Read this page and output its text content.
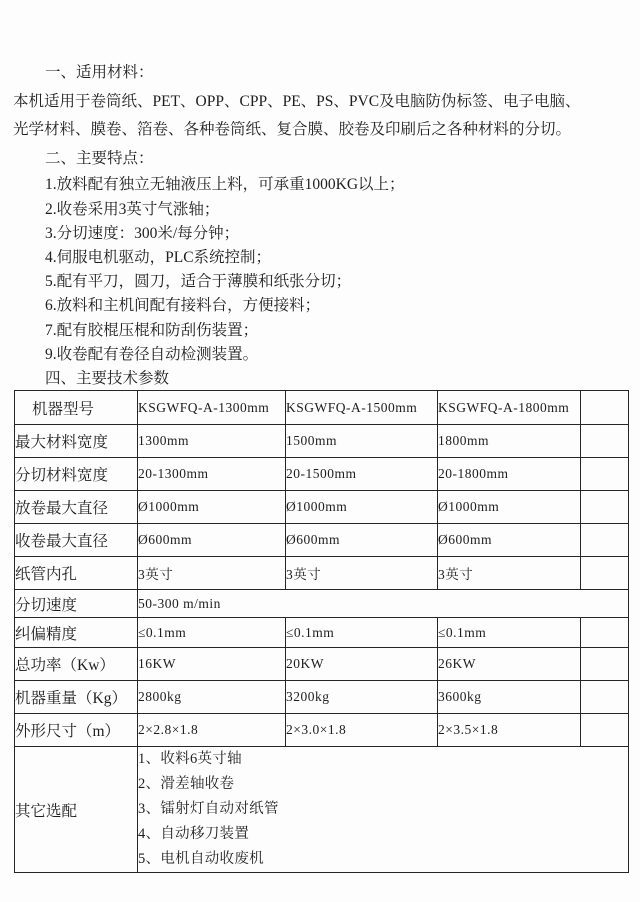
一、适用材料：

本机适用于卷筒纸、PET、OPP、CPP、PE、PS、PVC及电脑防伪标签、电子电脑、

光学材料、膜卷、箔卷、各种卷筒纸、复合膜、胶卷及印刷后之各种材料的分切。

二、主要特点：

1.放料配有独立无轴液压上料，可承重1000KG以上；

2.收卷采用3英寸气涨轴；

3.分切速度：300米/每分钟；

4.伺服电机驱动，PLC系统控制；

5.配有平刀，圆刀，适合于薄膜和纸张分切；

6.放料和主机间配有接料台，方便接料；

7.配有胶棍压棍和防刮伤装置；

9.收卷配有卷径自动检测装置。

四、主要技术参数

机器型号	KSGWFQ-A-1300mm	KSGWFQ-A-1500mm	KSGWFQ-A-1800mm	
最大材料宽度	1300mm	1500mm	1800mm	
分切材料宽度	20-1300mm	20-1500mm	20-1800mm	
放卷最大直径	Ø1000mm	Ø1000mm	Ø1000mm	
收卷最大直径	Ø600mm	Ø600mm	Ø600mm	
纸管内孔	3英寸	3英寸	3英寸	
分切速度	50-300 m/min			
纠偏精度	≤0.1mm	≤0.1mm	≤0.1mm	
总功率（Kw）	16KW	20KW	26KW	
机器重量（Kg）	2800kg	3200kg	3600kg	
外形尺寸（m）	2×2.8×1.8	2×3.0×1.8	2×3.5×1.8	
其它选配	1、收料6英寸轴
2、滑差轴收卷
3、镭射灯自动对纸管
4、自动移刀装置
5、电机自动收废机			
